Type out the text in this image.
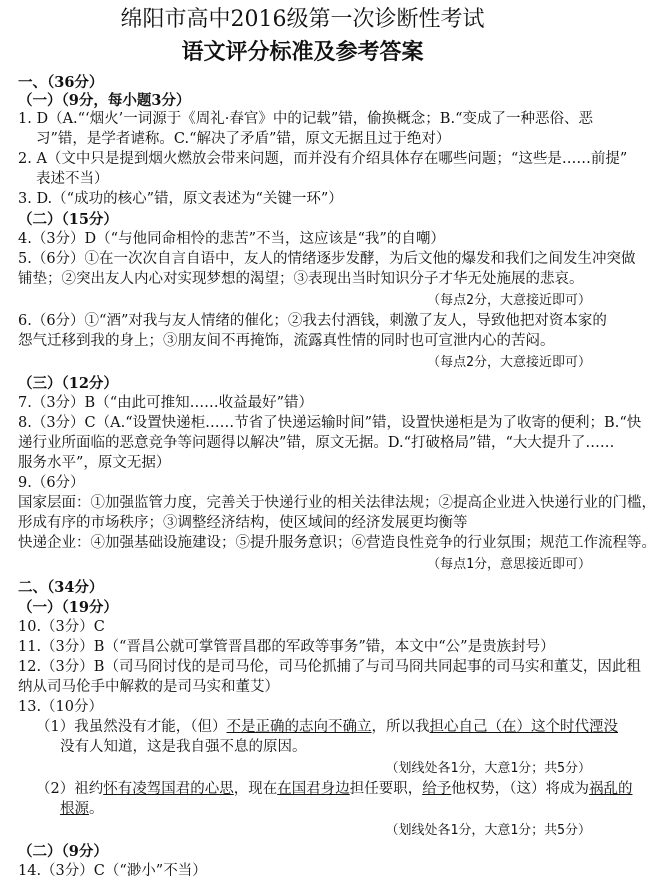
绵阳市高中2016级第一次诊断性考试
语文评分标准及参考答案
一、（36分）
（一）（9分，每小题3分）
1. D（A.“‘烟火’一词源于《周礼·春官》中的记载”错，偷换概念；B.“变成了一种恶俗、恶
习”错，是学者谑称。C.“解决了矛盾”错，原文无据且过于绝对）
2. A（文中只是提到烟火燃放会带来问题，而并没有介绍具体存在哪些问题；“这些是……前提”
表述不当）
3. D.（“成功的核心”错，原文表述为“关键一环”）
（二）（15分）
4.（3分）D（“与他同命相怜的悲苦”不当，这应该是“我”的自嘲）
5.（6分）①在一次次自言自语中，友人的情绪逐步发酵，为后文他的爆发和我们之间发生冲突做
铺垫；②突出友人内心对实现梦想的渴望；③表现出当时知识分子才华无处施展的悲哀。
（每点2分，大意接近即可）
6.（6分）①“酒”对我与友人情绪的催化；②我去付酒钱，刺激了友人，导致他把对资本家的
怨气迁移到我的身上；③朋友间不再掩饰，流露真性情的同时也可宣泄内心的苦闷。
（每点2分，大意接近即可）
（三）（12分）
7.（3分）B（“由此可推知……收益最好”错）
8.（3分）C（A.“设置快递柜……节省了快递运输时间”错，设置快递柜是为了收寄的便利；B.“快
递行业所面临的恶意竞争等问题得以解决”错，原文无据。D.“打破格局”错，“大大提升了……
服务水平”，原文无据）
9.（6分）
国家层面：①加强监管力度，完善关于快递行业的相关法律法规；②提高企业进入快递行业的门槛，
形成有序的市场秩序；③调整经济结构，使区域间的经济发展更均衡等
快递企业：④加强基础设施建设；⑤提升服务意识；⑥营造良性竞争的行业氛围；规范工作流程等。
（每点1分，意思接近即可）
二、（34分）
（一）（19分）
10.（3分）C
11.（3分）B（“晋昌公就可掌管晋昌郡的军政等事务”错，本文中“公”是贵族封号）
12.（3分）B（司马冏讨伐的是司马伦，司马伦抓捕了与司马冏共同起事的司马实和董艾，因此租
纳从司马伦手中解救的是司马实和董艾）
13.（10分）
（1）我虽然没有才能，（但）不是正确的志向不确立，所以我担心自己（在）这个时代湮没
没有人知道，这是我自强不息的原因。
（划线处各1分，大意1分；共5分）
（2）祖约怀有凌驾国君的心思，现在在国君身边担任要职，给予他权势，（这）将成为祸乱的
根源。
（划线处各1分，大意1分；共5分）
（二）（9分）
14.（3分）C（“渺小”不当）
